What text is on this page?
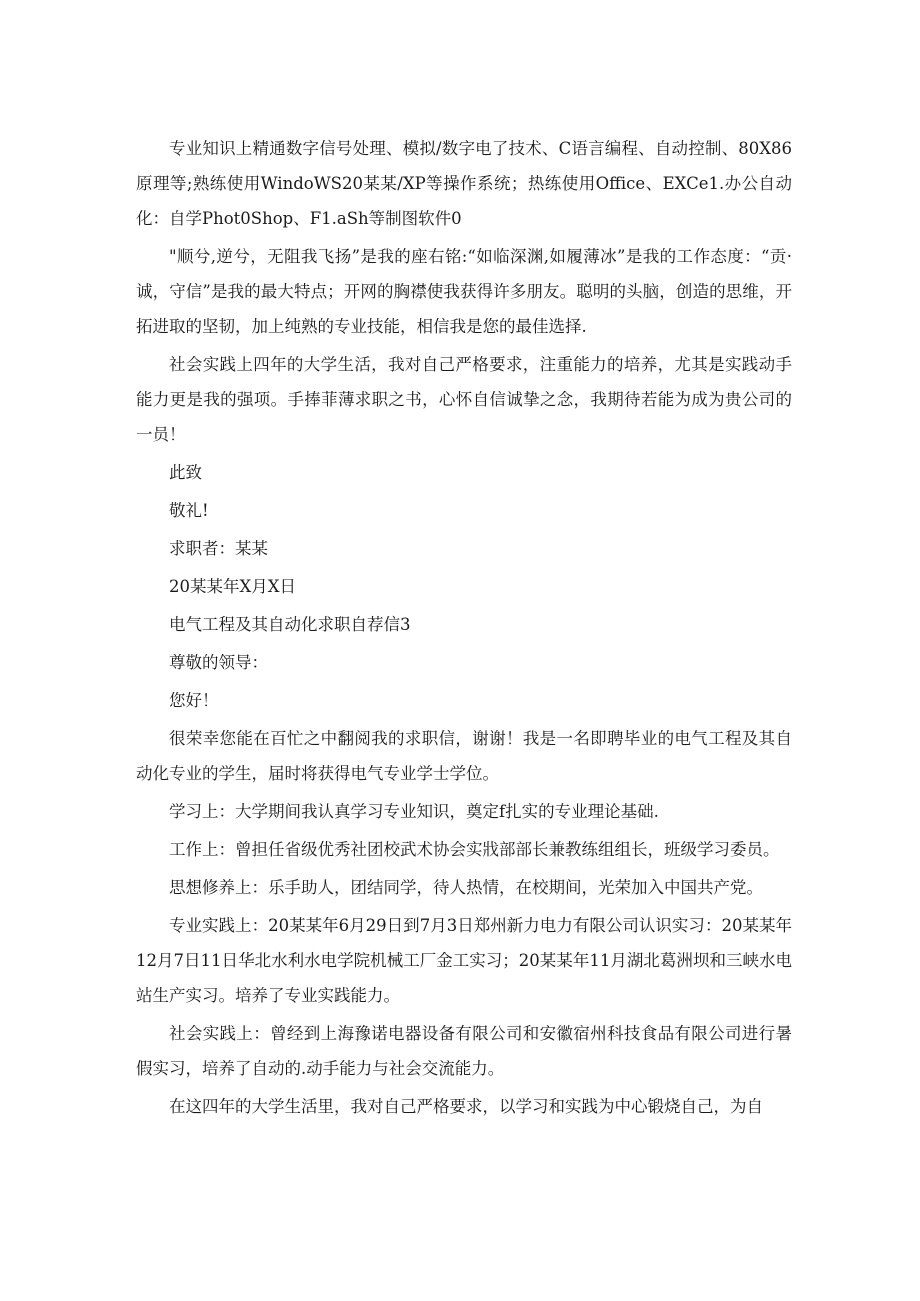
专业知识上精通数字信号处理、模拟/数字电了技术、C语言编程、自动控制、80X86原理等;熟练使用WindoWS20某某/XP等操作系统；热练使用Office、EXCe1.办公自动化：自学Phot0Shop、F1.aSh等制图软件0

"顺兮,逆兮，无阻我飞扬”是我的座右铭:“如临深渊,如履薄冰”是我的工作态度：“贡·诚，守信”是我的最大特点；开网的胸襟使我获得许多朋友。聪明的头脑，创造的思维，开拓进取的坚韧，加上纯熟的专业技能，相信我是您的最佳选择.

社会实践上四年的大学生活，我对自己严格要求，注重能力的培养，尤其是实践动手能力更是我的强项。手捧菲薄求职之书，心怀自信诚挚之念，我期待若能为成为贵公司的一员！

此致

敬礼!

求职者：某某

20某某年X月X日

电气工程及其自动化求职自荐信3

尊敬的领导：

您好！

很荣幸您能在百忙之中翻阅我的求职信，谢谢！我是一名即聘毕业的电气工程及其自动化专业的学生，届时将获得电气专业学士学位。

学习上：大学期间我认真学习专业知识，奠定f扎实的专业理论基础.

工作上：曾担任省级优秀社团校武术协会实戕部部长兼教练组组长，班级学习委员。

思想修养上：乐手助人，团结同学，待人热情，在校期间，光荣加入中国共产党。

专业实践上：20某某年6月29日到7月3日郑州新力电力有限公司认识实习：20某某年12月7日11日华北水利水电学院机械工厂金工实习；20某某年11月湖北葛洲坝和三峡水电站生产实习。培养了专业实践能力。

社会实践上：曾经到上海豫诺电器设备有限公司和安徽宿州科技食品有限公司进行暑假实习，培养了自动的.动手能力与社会交流能力。

在这四年的大学生活里，我对自己严格要求，以学习和实践为中心锻烧自己，为自
